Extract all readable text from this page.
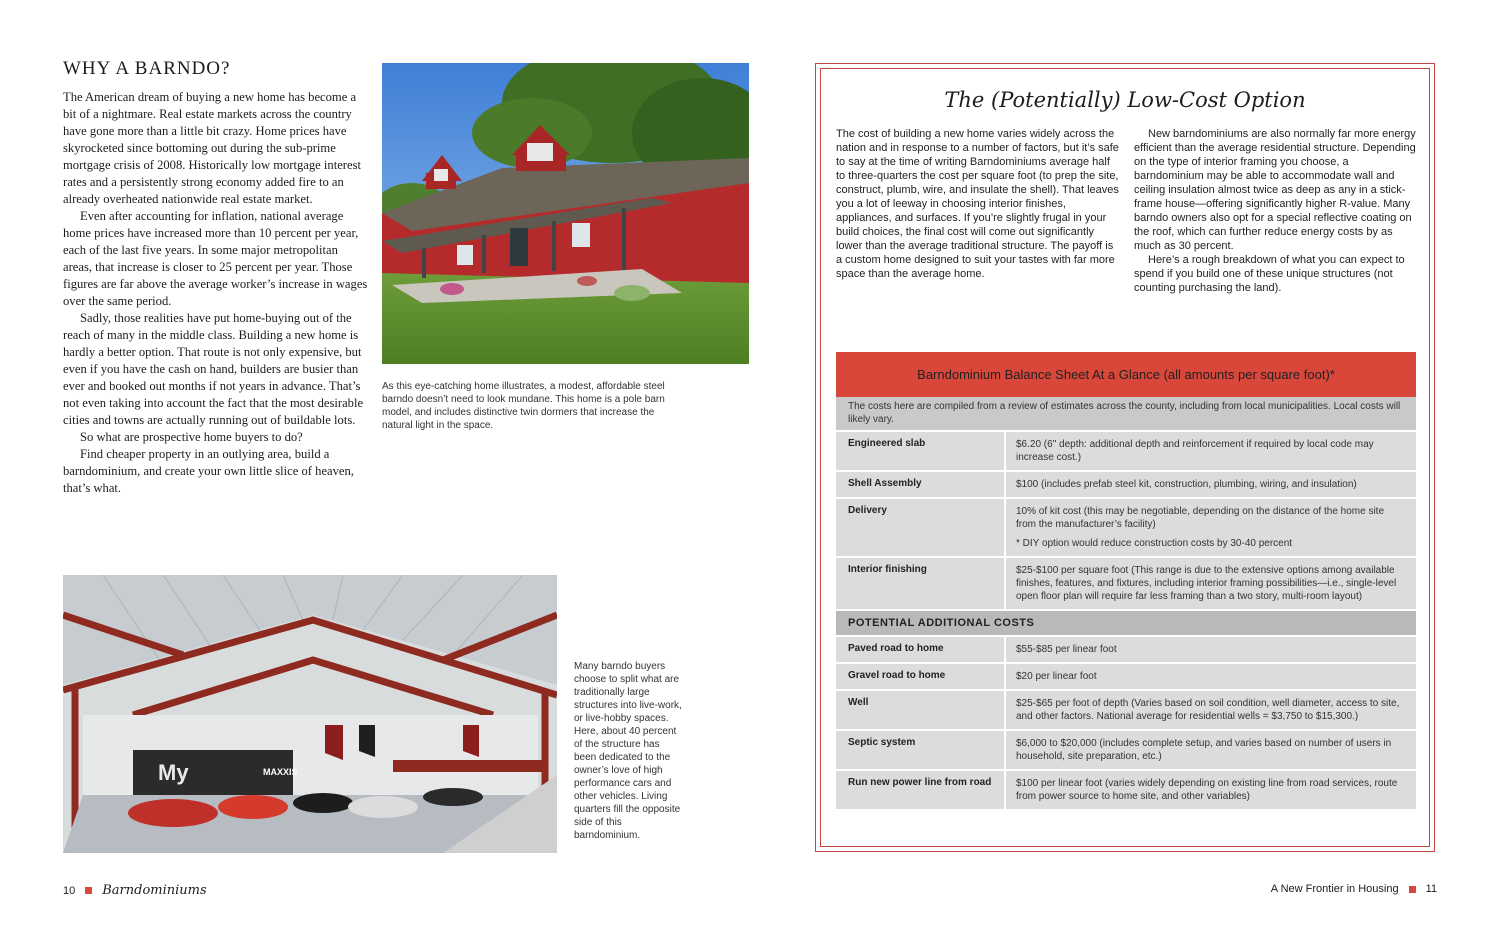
WHY A BARNDO?

The American dream of buying a new home has become a bit of a nightmare. Real estate markets across the country have gone more than a little bit crazy. Home prices have skyrocketed since bottoming out during the sub-prime mortgage crisis of 2008. Historically low mortgage interest rates and a persistently strong economy added fire to an already overheated nationwide real estate market.

Even after accounting for inflation, national average home prices have increased more than 10 percent per year, each of the last five years. In some major metropolitan areas, that increase is closer to 25 percent per year. Those figures are far above the average worker’s increase in wages over the same period.

Sadly, those realities have put home-buying out of the reach of many in the middle class. Building a new home is hardly a better option. That route is not only expensive, but even if you have the cash on hand, builders are busier than ever and booked out months if not years in advance. That’s not even taking into account the fact that the most desirable cities and towns are actually running out of buildable lots.

So what are prospective home buyers to do?

Find cheaper property in an outlying area, build a barndominium, and create your own little slice of heaven, that’s what.

As this eye-catching home illustrates, a modest, affordable steel barndo doesn’t need to look mundane. This home is a pole barn model, and includes distinctive twin dormers that increase the natural light in the space.
My	MAXXIS
Many barndo buyers choose to split what are traditionally large structures into live-work, or live-hobby spaces. Here, about 40 percent of the structure has been dedicated to the owner’s love of high performance cars and other vehicles. Living quarters fill the opposite side of this barndominium.
10 Barndominiums
The (Potentially) Low-Cost Option

The cost of building a new home varies widely across the nation and in response to a number of factors, but it’s safe to say at the time of writing Barndominiums average half to three-quarters the cost per square foot (to prep the site, construct, plumb, wire, and insulate the shell). That leaves you a lot of leeway in choosing interior finishes, appliances, and surfaces. If you’re slightly frugal in your build choices, the final cost will come out significantly lower than the average traditional structure. The payoff is a custom home designed to suit your tastes with far more space than the average home.

New barndominiums are also normally far more energy efficient than the average residential structure. Depending on the type of interior framing you choose, a barndominium may be able to accommodate wall and ceiling insulation almost twice as deep as any in a stick-frame house—offering significantly higher R-value. Many barndo owners also opt for a special reflective coating on the roof, which can further reduce energy costs by as much as 30 percent.

Here’s a rough breakdown of what you can expect to spend if you build one of these unique structures (not counting purchasing the land).

Barndominium Balance Sheet At a Glance (all amounts per square foot)*
The costs here are compiled from a review of estimates across the county, including from local municipalities. Local costs will likely vary.
Engineered slab	$6.20 (6" depth: additional depth and reinforcement if required by local code may increase cost.)
Shell Assembly	$100 (includes prefab steel kit, construction, plumbing, wiring, and insulation)
Delivery	10% of kit cost (this may be negotiable, depending on the distance of the home site from the manufacturer’s facility)
* DIY option would reduce construction costs by 30-40 percent
Interior finishing	$25-$100 per square foot (This range is due to the extensive options among available finishes, features, and fixtures, including interior framing possibilities—i.e., single-level open floor plan will require far less framing than a two story, multi-room layout)
POTENTIAL ADDITIONAL COSTS
Paved road to home	$55-$85 per linear foot
Gravel road to home	$20 per linear foot
Well	$25-$65 per foot of depth (Varies based on soil condition, well diameter, access to site, and other factors. National average for residential wells = $3,750 to $15,300.)
Septic system	$6,000 to $20,000 (includes complete setup, and varies based on number of users in household, site preparation, etc.)
Run new power line from road	$100 per linear foot (varies widely depending on existing line from road services, route from power source to home site, and other variables)
A New Frontier in Housing 11
